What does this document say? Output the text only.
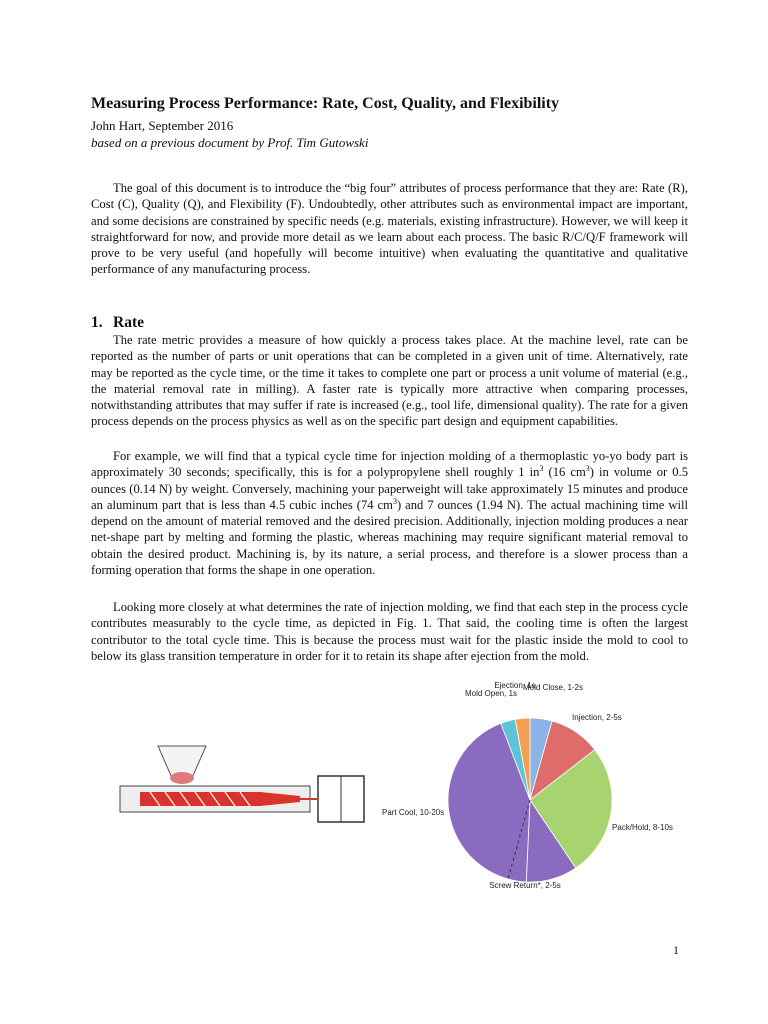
Measuring Process Performance: Rate, Cost, Quality, and Flexibility
John Hart, September 2016
based on a previous document by Prof. Tim Gutowski

The goal of this document is to introduce the “big four” attributes of process performance that they are: Rate (R), Cost (C), Quality (Q), and Flexibility (F). Undoubtedly, other attributes such as environmental impact are important, and some decisions are constrained by specific needs (e.g. materials, existing infrastructure). However, we will keep it straightforward for now, and provide more detail as we learn about each process. The basic R/C/Q/F framework will prove to be very useful (and hopefully will become intuitive) when evaluating the quantitative and qualitative performance of any manufacturing process.

1. Rate

The rate metric provides a measure of how quickly a process takes place. At the machine level, rate can be reported as the number of parts or unit operations that can be completed in a given unit of time. Alternatively, rate may be reported as the cycle time, or the time it takes to complete one part or process a unit volume of material (e.g., the material removal rate in milling). A faster rate is typically more attractive when comparing processes, notwithstanding attributes that may suffer if rate is increased (e.g., tool life, dimensional quality). The rate for a given process depends on the process physics as well as on the specific part design and equipment capabilities.

For example, we will find that a typical cycle time for injection molding of a thermoplastic yo-yo body part is approximately 30 seconds; specifically, this is for a polypropylene shell roughly 1 $in^3$ (16 $cm^3$) in volume or 0.5 ounces (0.14 N) by weight. Conversely, machining your paperweight will take approximately 15 minutes and produce an aluminum part that is less than 4.5 cubic inches (74 $cm^3$) and 7 ounces (1.94 N). The actual machining time will depend on the amount of material removed and the desired precision. Additionally, injection molding produces a near net-shape part by melting and forming the plastic, whereas machining may require significant material removal to obtain the desired product. Machining is, by its nature, a serial process, and therefore is a slower process than a forming operation that forms the shape in one operation.

Looking more closely at what determines the rate of injection molding, we find that each step in the process cycle contributes measurably to the cycle time, as depicted in Fig. 1. That said, the cooling time is often the largest contributor to the total cycle time. This is because the process must wait for the plastic inside the mold to cool to below its glass transition temperature in order for it to retain its shape after ejection from the mold.

Mold Close, 1-2s
Injection, 2-5s
Pack/Hold, 8-10s
Screw Return*, 2-5s
Part Cool, 10-20s
Mold Open, 1s
Ejection, 1s
1
